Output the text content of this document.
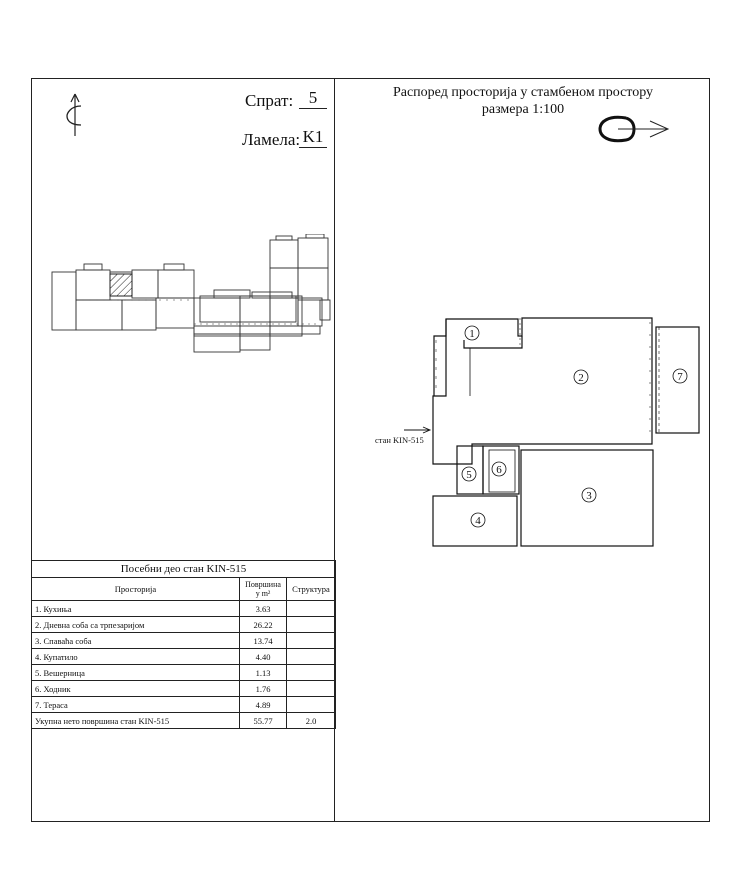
Спрат: 5
Ламела: K1
Распоред просторија у стамбеном простору
размера 1:100
стан KIN-515
1
2
3
4
5 6
7
Посебни део стан KIN-515		
Просторија	Површина у m²	Структура
1. Кухиња	3.63	
2. Дневна соба са трпезаријом	26.22	
3. Спаваћа соба	13.74	
4. Купатило	4.40	
5. Вешерница	1.13	
6. Ходник	1.76	
7. Тераса	4.89	
Укупна нето површина стан KIN-515	55.77	2.0
